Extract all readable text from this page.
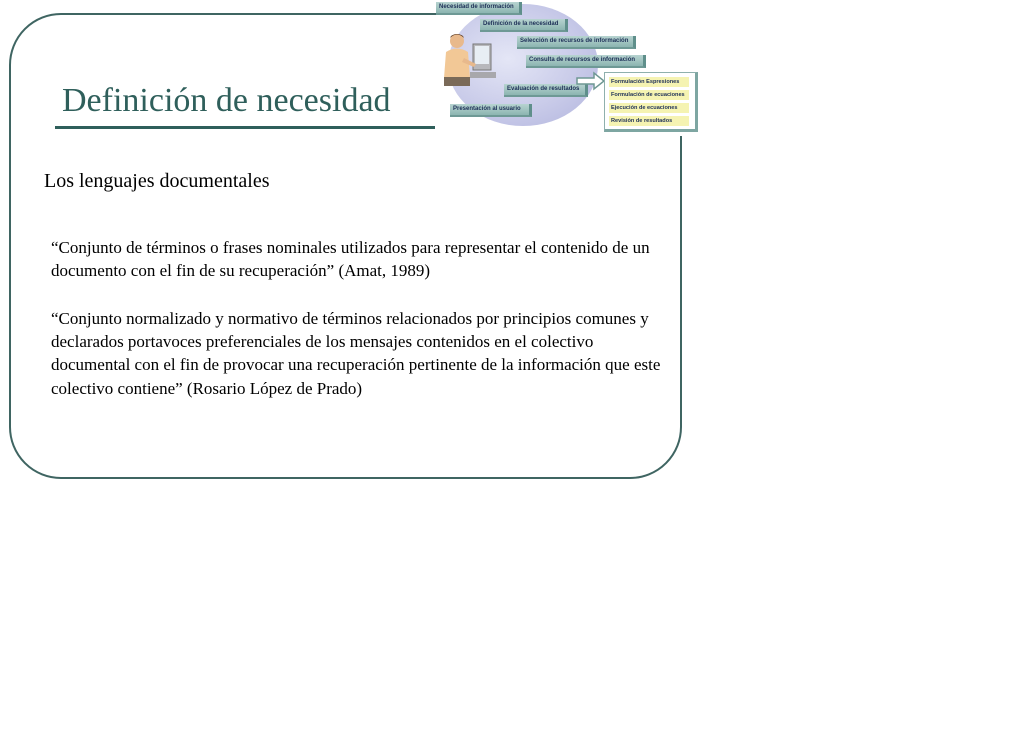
Definición de necesidad
Los lenguajes documentales

“Conjunto de términos o frases nominales utilizados para representar el contenido de un documento con el fin de su recuperación” (Amat, 1989)

“Conjunto normalizado y normativo de términos relacionados por principios comunes y declarados portavoces preferenciales de los mensajes contenidos en el colectivo documental con el fin de provocar una recuperación pertinente de la información que este colectivo contiene” (Rosario López de Prado)

Necesidad de información
Definición de la necesidad
Selección de recursos de información
Consulta de recursos de información
Evaluación de resultados
Presentación al usuario
Formulación Espresiones
Formulación de ecuaciones
Ejecución de ecuaciones
Revisión de resultados
